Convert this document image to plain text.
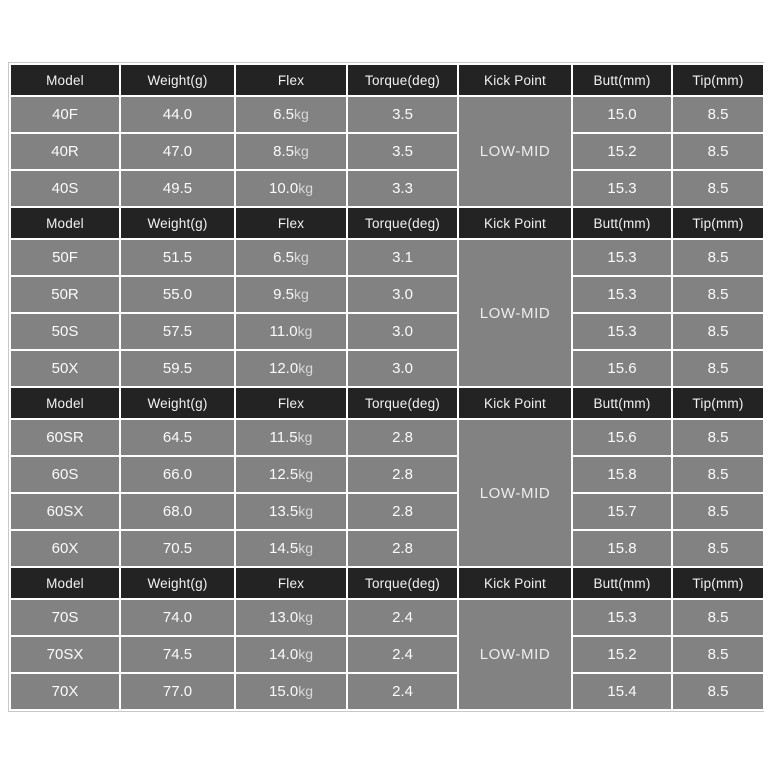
Model	Weight(g)	Flex	Torque(deg)	Kick Point	Butt(mm)	Tip(mm)
40F	44.0	6.5kg	3.5	LOW-MID	15.0	8.5
40R	47.0	8.5kg	3.5		15.2	8.5
40S	49.5	10.0kg	3.3		15.3	8.5
Model	Weight(g)	Flex	Torque(deg)	Kick Point	Butt(mm)	Tip(mm)
50F	51.5	6.5kg	3.1	LOW-MID	15.3	8.5
50R	55.0	9.5kg	3.0		15.3	8.5
50S	57.5	11.0kg	3.0		15.3	8.5
50X	59.5	12.0kg	3.0		15.6	8.5
Model	Weight(g)	Flex	Torque(deg)	Kick Point	Butt(mm)	Tip(mm)
60SR	64.5	11.5kg	2.8	LOW-MID	15.6	8.5
60S	66.0	12.5kg	2.8		15.8	8.5
60SX	68.0	13.5kg	2.8		15.7	8.5
60X	70.5	14.5kg	2.8		15.8	8.5
Model	Weight(g)	Flex	Torque(deg)	Kick Point	Butt(mm)	Tip(mm)
70S	74.0	13.0kg	2.4	LOW-MID	15.3	8.5
70SX	74.5	14.0kg	2.4		15.2	8.5
70X	77.0	15.0kg	2.4		15.4	8.5
